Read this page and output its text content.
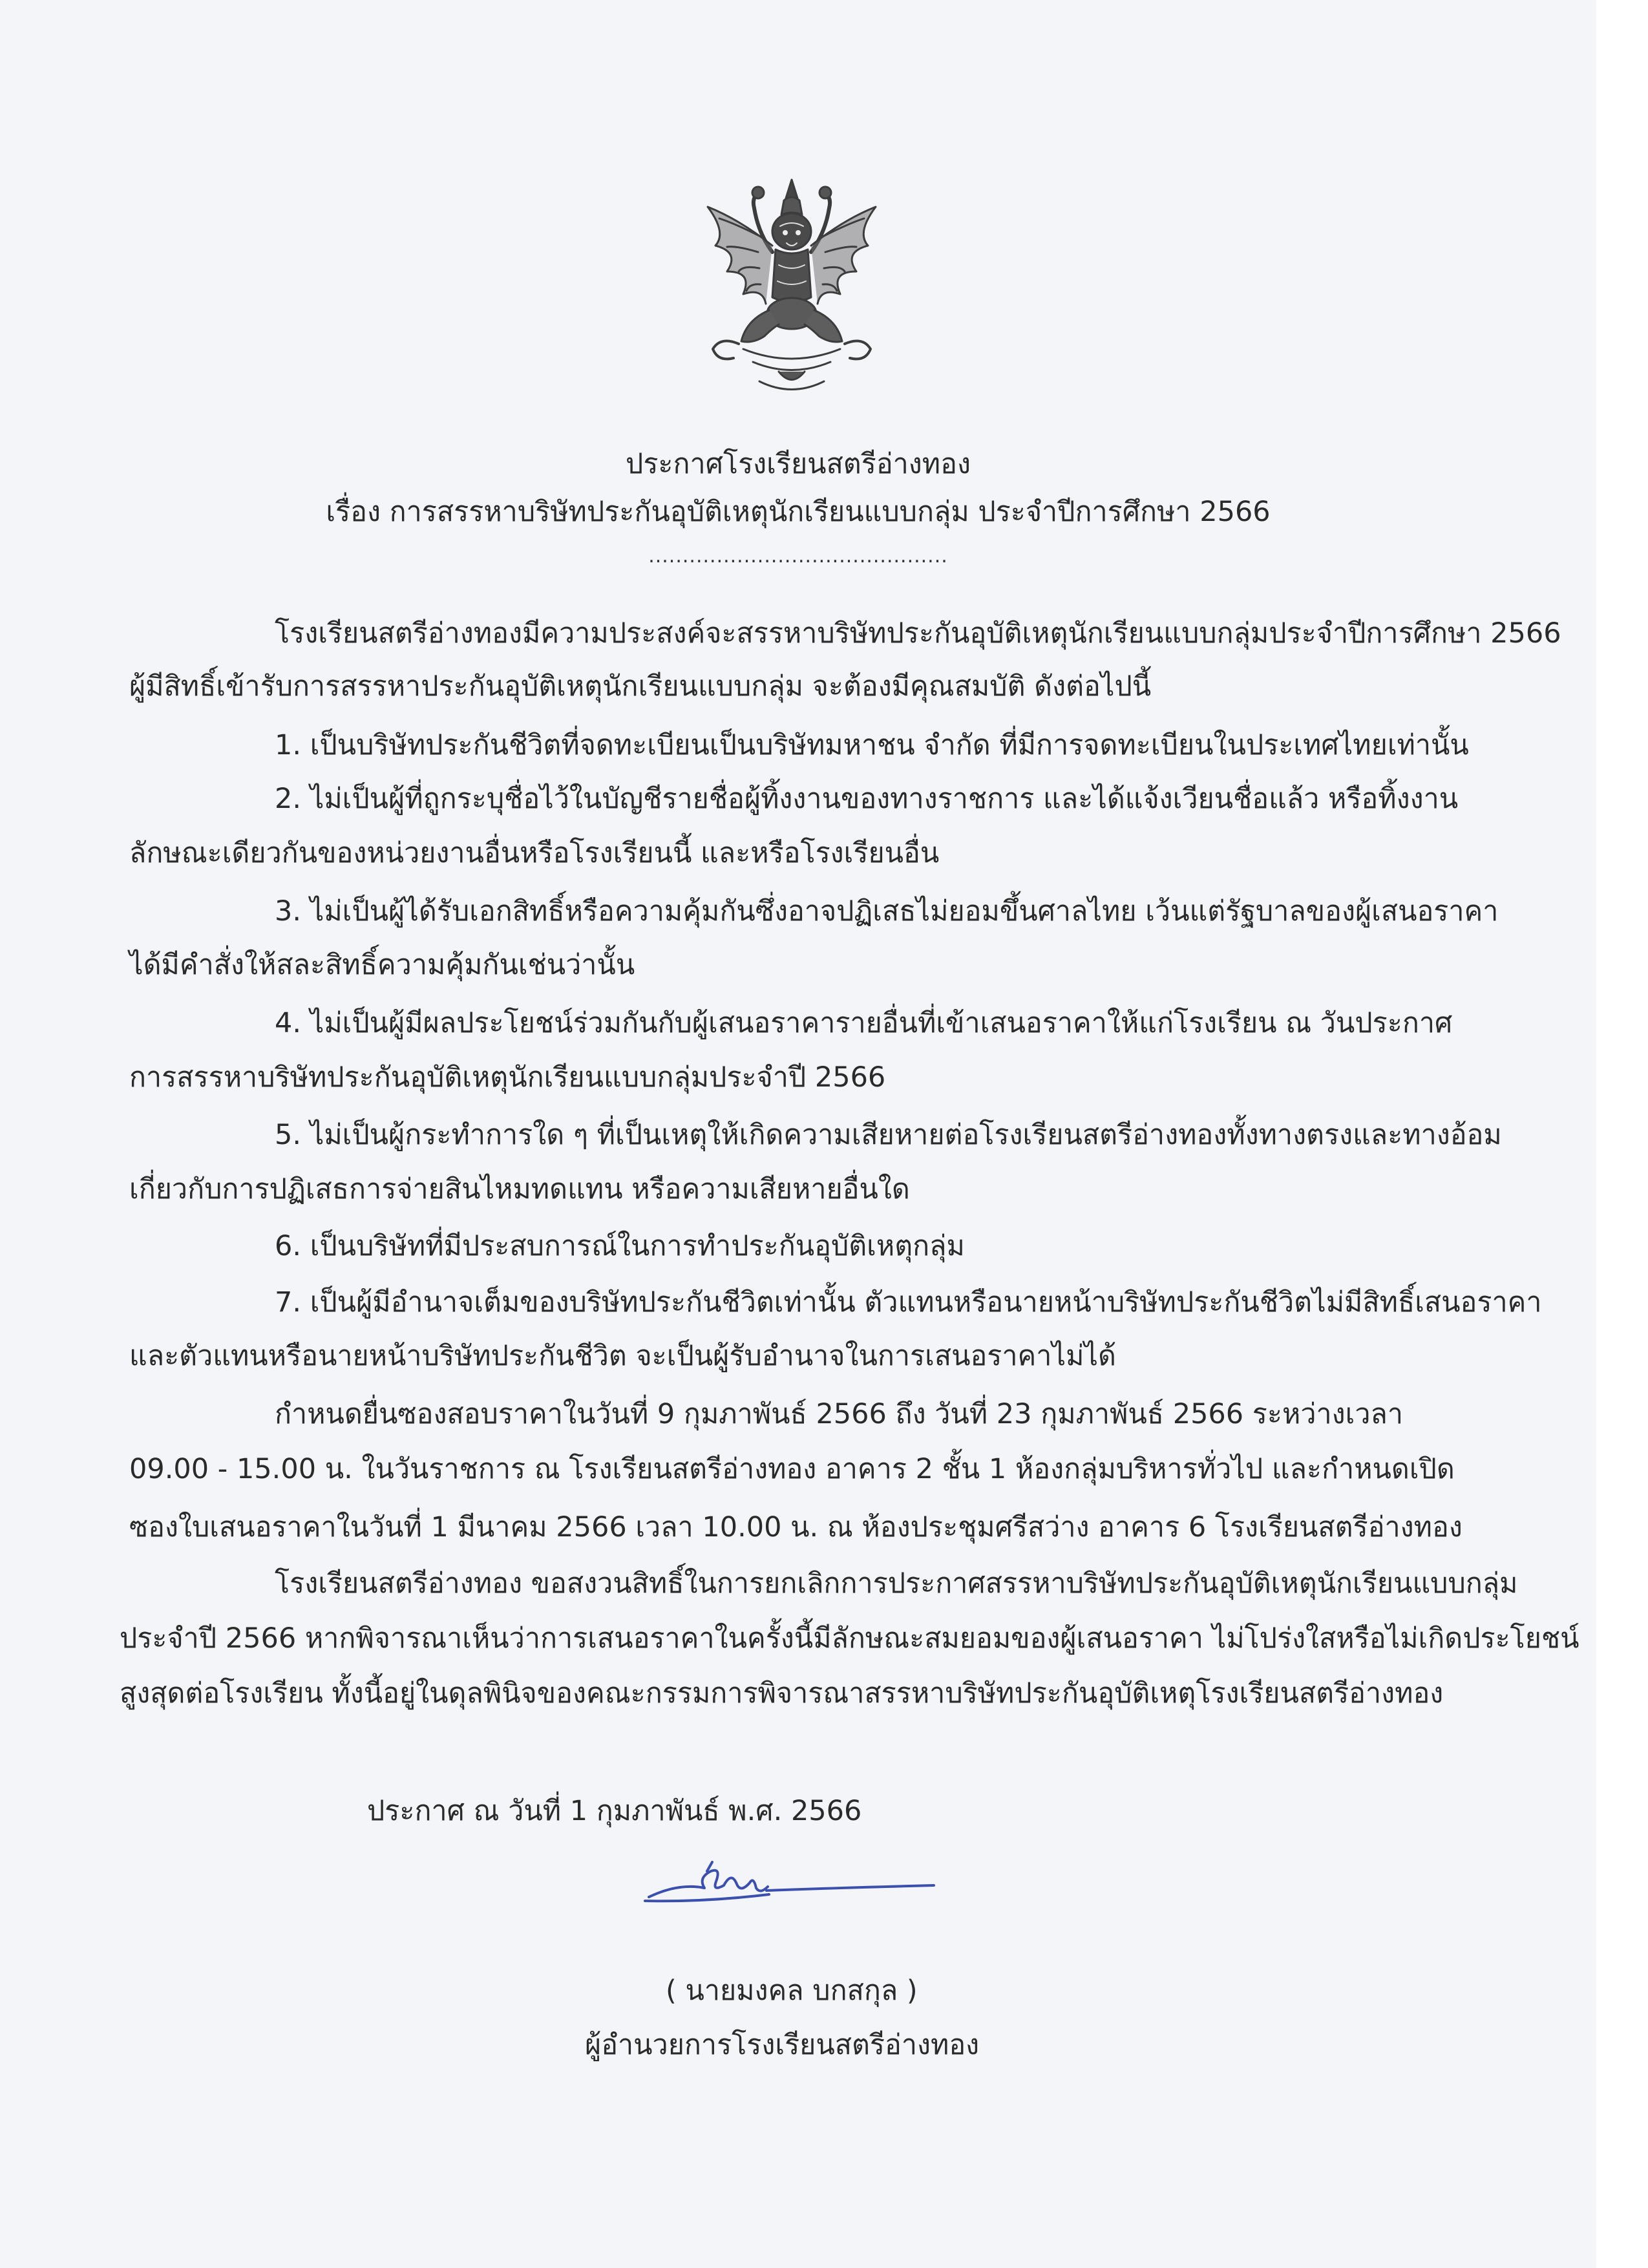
ประกาศโรงเรียนสตรีอ่างทอง
เรื่อง การสรรหาบริษัทประกันอุบัติเหตุนักเรียนแบบกลุ่ม ประจำปีการศึกษา 2566
............................................
โรงเรียนสตรีอ่างทองมีความประสงค์จะสรรหาบริษัทประกันอุบัติเหตุนักเรียนแบบกลุ่มประจำปีการศึกษา 2566
ผู้มีสิทธิ์เข้ารับการสรรหาประกันอุบัติเหตุนักเรียนแบบกลุ่ม จะต้องมีคุณสมบัติ ดังต่อไปนี้
1. เป็นบริษัทประกันชีวิตที่จดทะเบียนเป็นบริษัทมหาชน จำกัด ที่มีการจดทะเบียนในประเทศไทยเท่านั้น
2. ไม่เป็นผู้ที่ถูกระบุชื่อไว้ในบัญชีรายชื่อผู้ทิ้งงานของทางราชการ และได้แจ้งเวียนชื่อแล้ว หรือทิ้งงาน
ลักษณะเดียวกันของหน่วยงานอื่นหรือโรงเรียนนี้ และหรือโรงเรียนอื่น
3. ไม่เป็นผู้ได้รับเอกสิทธิ์หรือความคุ้มกันซึ่งอาจปฏิเสธไม่ยอมขึ้นศาลไทย เว้นแต่รัฐบาลของผู้เสนอราคา
ได้มีคำสั่งให้สละสิทธิ์ความคุ้มกันเช่นว่านั้น
4. ไม่เป็นผู้มีผลประโยชน์ร่วมกันกับผู้เสนอราคารายอื่นที่เข้าเสนอราคาให้แก่โรงเรียน ณ วันประกาศ
การสรรหาบริษัทประกันอุบัติเหตุนักเรียนแบบกลุ่มประจำปี 2566
5. ไม่เป็นผู้กระทำการใด ๆ ที่เป็นเหตุให้เกิดความเสียหายต่อโรงเรียนสตรีอ่างทองทั้งทางตรงและทางอ้อม
เกี่ยวกับการปฏิเสธการจ่ายสินไหมทดแทน หรือความเสียหายอื่นใด
6. เป็นบริษัทที่มีประสบการณ์ในการทำประกันอุบัติเหตุกลุ่ม
7. เป็นผู้มีอำนาจเต็มของบริษัทประกันชีวิตเท่านั้น ตัวแทนหรือนายหน้าบริษัทประกันชีวิตไม่มีสิทธิ์เสนอราคา
และตัวแทนหรือนายหน้าบริษัทประกันชีวิต จะเป็นผู้รับอำนาจในการเสนอราคาไม่ได้
กำหนดยื่นซองสอบราคาในวันที่ 9 กุมภาพันธ์ 2566 ถึง วันที่ 23 กุมภาพันธ์ 2566 ระหว่างเวลา
09.00 - 15.00 น. ในวันราชการ ณ โรงเรียนสตรีอ่างทอง อาคาร 2 ชั้น 1 ห้องกลุ่มบริหารทั่วไป และกำหนดเปิด
ซองใบเสนอราคาในวันที่ 1 มีนาคม 2566 เวลา 10.00 น. ณ ห้องประชุมศรีสว่าง อาคาร 6 โรงเรียนสตรีอ่างทอง
โรงเรียนสตรีอ่างทอง ขอสงวนสิทธิ์ในการยกเลิกการประกาศสรรหาบริษัทประกันอุบัติเหตุนักเรียนแบบกลุ่ม
ประจำปี 2566 หากพิจารณาเห็นว่าการเสนอราคาในครั้งนี้มีลักษณะสมยอมของผู้เสนอราคา ไม่โปร่งใสหรือไม่เกิดประโยชน์
สูงสุดต่อโรงเรียน ทั้งนี้อยู่ในดุลพินิจของคณะกรรมการพิจารณาสรรหาบริษัทประกันอุบัติเหตุโรงเรียนสตรีอ่างทอง
ประกาศ ณ วันที่ 1 กุมภาพันธ์ พ.ศ. 2566
( นายมงคล บกสกุล )
ผู้อำนวยการโรงเรียนสตรีอ่างทอง
